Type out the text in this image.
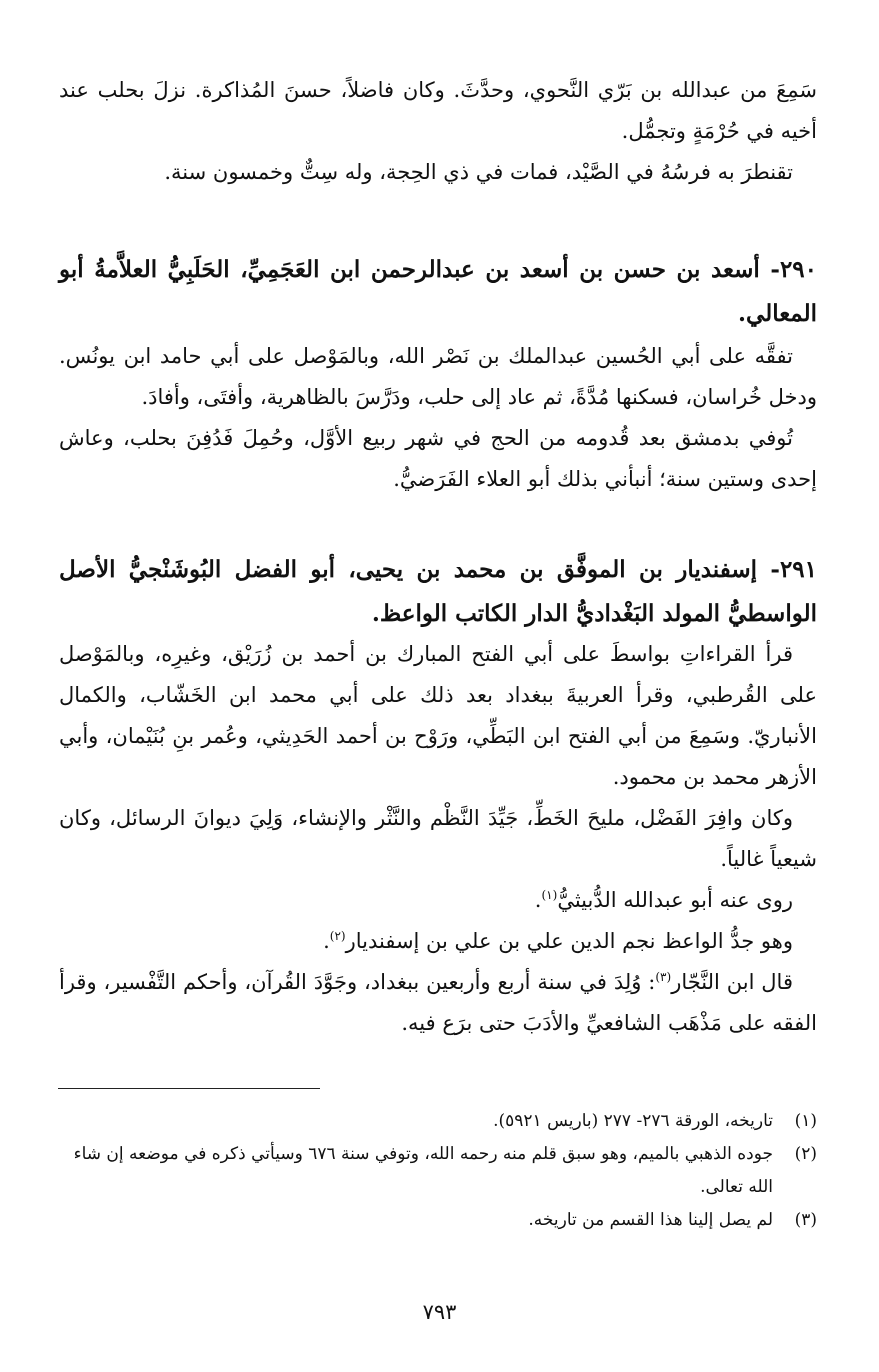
سَمِعَ من عبدالله بن بَرّي النَّحوي، وحدَّثَ. وكان فاضلاً، حسنَ المُذاكرة. نزلَ بحلب عند أخيه في حُرْمَةٍ وتجمُّل.

تقنطرَ به فرسُهُ في الصَّيْد، فمات في ذي الحِجة، وله سِتٌّ وخمسون سنة.

٢٩٠- أسعد بن حسن بن أسعد بن عبدالرحمن ابن العَجَمِيِّ، الحَلَبِيُّ العلاَّمةُ أبو المعالي.

تفقَّه على أبي الحُسين عبدالملك بن نَصْر الله، وبالمَوْصل على أبي حامد ابن يونُس. ودخل خُراسان، فسكنها مُدَّةً، ثم عاد إلى حلب، ودَرَّسَ بالظاهرية، وأفتَى، وأفادَ.

تُوفي بدمشق بعد قُدومه من الحج في شهر ربيع الأوَّل، وحُمِلَ فَدُفِنَ بحلب، وعاش إحدى وستين سنة؛ أنبأني بذلك أبو العلاء الفَرَضيُّ.

٢٩١- إسفنديار بن الموفَّق بن محمد بن يحيى، أبو الفضل البُوشَنْجيُّ الأصل الواسطيُّ المولد البَغْداديُّ الدار الكاتب الواعظ.

قرأ القراءاتِ بواسطَ على أبي الفتح المبارك بن أحمد بن زُرَيْق، وغيرِه، وبالمَوْصل على القُرطبي، وقرأ العربيةَ ببغداد بعد ذلك على أبي محمد ابن الخَشّاب، والكمال الأنباريّ. وسَمِعَ من أبي الفتح ابن البَطِّي، ورَوْح بن أحمد الحَدِيثي، وعُمر بنِ بُنَيْمان، وأبي الأزهر محمد بن محمود.

وكان وافِرَ الفَضْل، مليحَ الخَطِّ، جَيِّدَ النَّظْم والنَّثْر والإنشاء، وَلِيَ ديوانَ الرسائل، وكان شيعياً غالياً.

روى عنه أبو عبدالله الدُّبيثيُّ$^{(١)}$.

وهو جدُّ الواعظ نجم الدين علي بن علي بن إسفنديار$^{(٢)}$.

قال ابن النَّجّار$^{(٣)}$: وُلِدَ في سنة أربع وأربعين ببغداد، وجَوَّدَ القُرآن، وأحكم التَّفْسير، وقرأ الفقه على مَذْهَب الشافعيِّ والأدَبَ حتى برَع فيه.

(١)
تاريخه، الورقة ٢٧٦- ٢٧٧ (باريس ٥٩٢١).
(٢)
جوده الذهبي بالميم، وهو سبق قلم منه رحمه الله، وتوفي سنة ٦٧٦ وسيأتي ذكره في موضعه إن شاء الله تعالى.
(٣)
لم يصل إلينا هذا القسم من تاريخه.
٧٩٣
